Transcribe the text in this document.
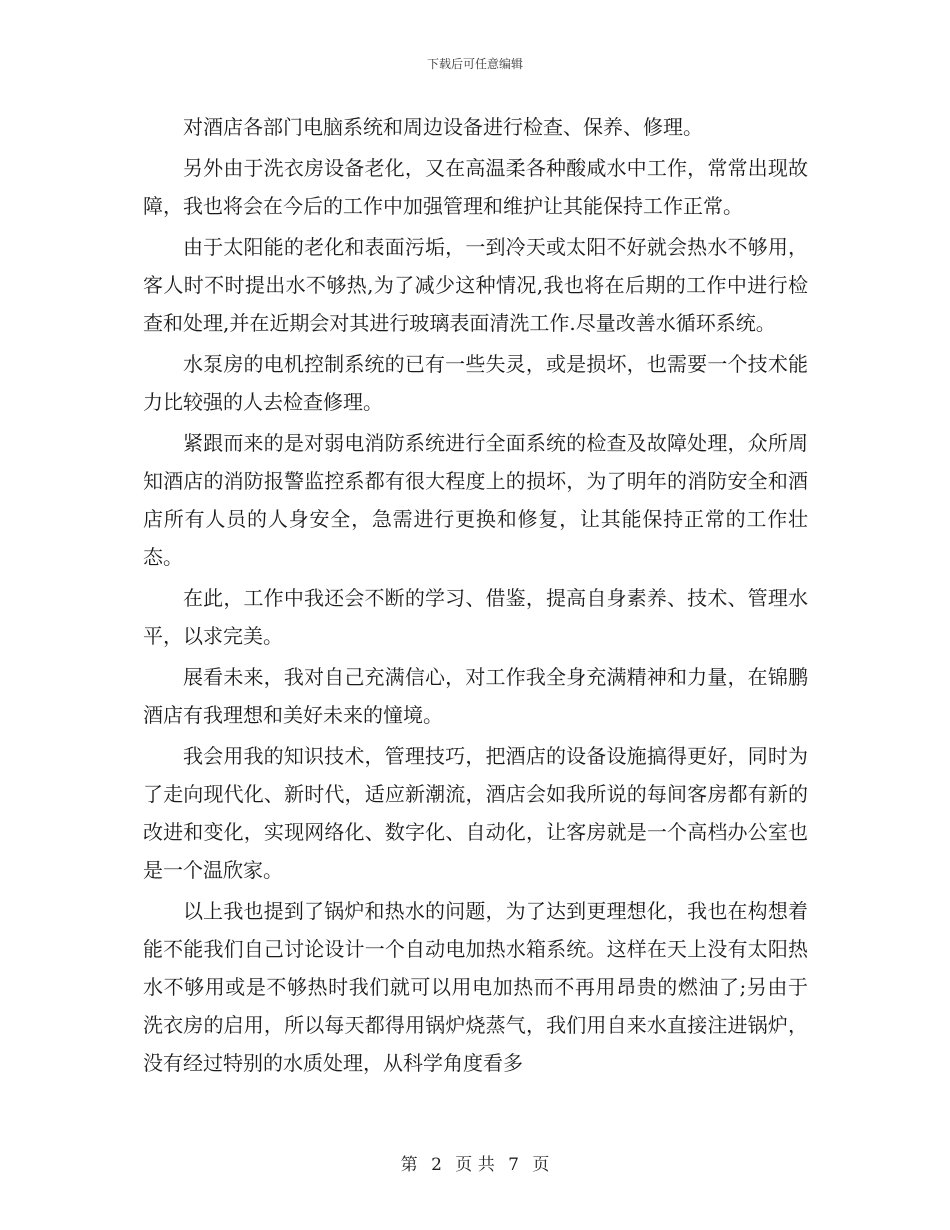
下载后可任意编辑

对酒店各部门电脑系统和周边设备进行检查、保养、修理。

另外由于洗衣房设备老化，又在高温柔各种酸咸水中工作，常常出现故障，我也将会在今后的工作中加强管理和维护让其能保持工作正常。

由于太阳能的老化和表面污垢，一到冷天或太阳不好就会热水不够用，客人时不时提出水不够热,为了减少这种情况,我也将在后期的工作中进行检查和处理,并在近期会对其进行玻璃表面清洗工作.尽量改善水循环系统。

水泵房的电机控制系统的已有一些失灵，或是损坏，也需要一个技术能力比较强的人去检查修理。

紧跟而来的是对弱电消防系统进行全面系统的检查及故障处理，众所周知酒店的消防报警监控系都有很大程度上的损坏，为了明年的消防安全和酒店所有人员的人身安全，急需进行更换和修复，让其能保持正常的工作壮态。

在此，工作中我还会不断的学习、借鉴，提高自身素养、技术、管理水平，以求完美。

展看未来，我对自己充满信心，对工作我全身充满精神和力量，在锦鹏酒店有我理想和美好未来的憧境。

我会用我的知识技术，管理技巧，把酒店的设备设施搞得更好，同时为了走向现代化、新时代，适应新潮流，酒店会如我所说的每间客房都有新的改进和变化，实现网络化、数字化、自动化，让客房就是一个高档办公室也是一个温欣家。

以上我也提到了锅炉和热水的问题，为了达到更理想化，我也在构想着能不能我们自己讨论设计一个自动电加热水箱系统。这样在天上没有太阳热水不够用或是不够热时我们就可以用电加热而不再用昂贵的燃油了;另由于洗衣房的启用，所以每天都得用锅炉烧蒸气，我们用自来水直接注进锅炉，没有经过特别的水质处理，从科学角度看多

第 2 页 共 7 页
